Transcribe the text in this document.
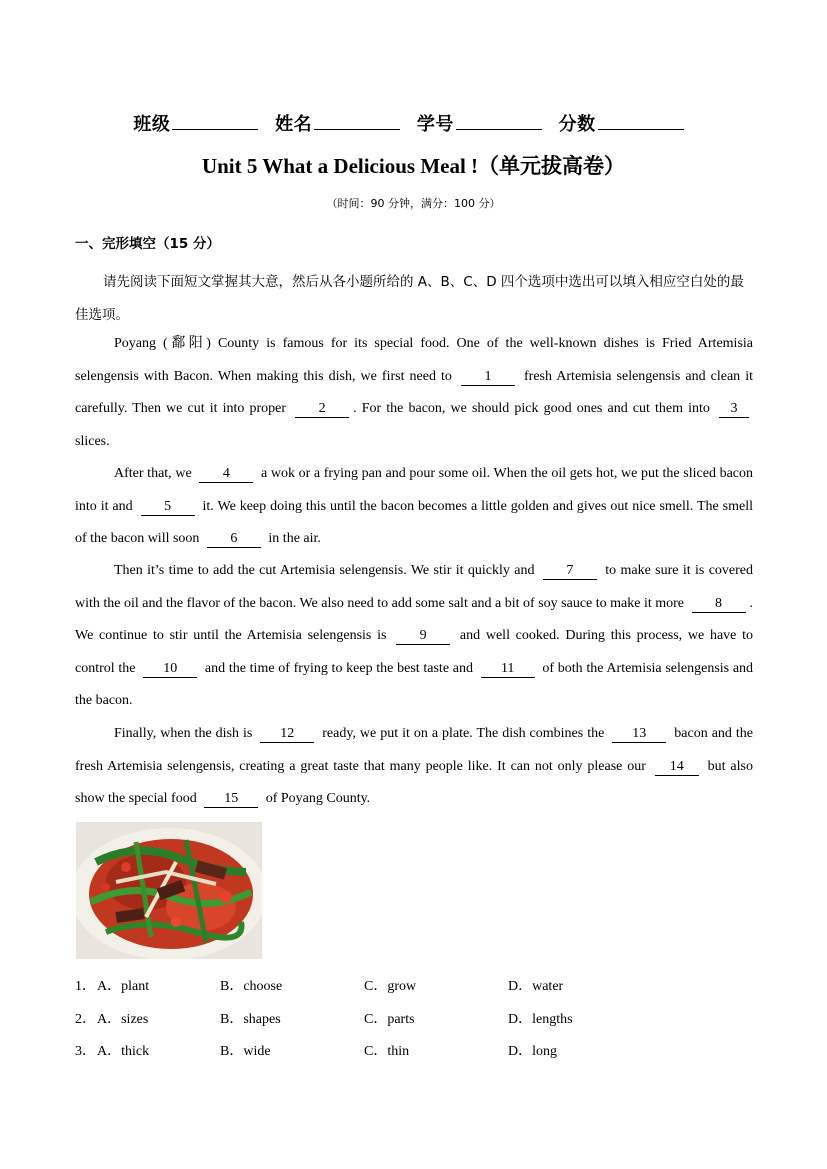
班级	姓名	学号	分数
Unit 5 What a Delicious Meal !（单元拔高卷）
（时间：90 分钟，满分：100 分）
一、完形填空（15 分）
请先阅读下面短文掌握其大意，然后从各小题所给的 A、B、C、D 四个选项中选出可以填入相应空白处的最佳选项。
Poyang (鄱阳) County is famous for its special food. One of the well-known dishes is Fried Artemisia selengensis with Bacon. When making this dish, we first need to 1 fresh Artemisia selengensis and clean it carefully. Then we cut it into proper 2 . For the bacon, we should pick good ones and cut them into 3 slices.
After that, we 4 a wok or a frying pan and pour some oil. When the oil gets hot, we put the sliced bacon into it and 5 it. We keep doing this until the bacon becomes a little golden and gives out nice smell. The smell of the bacon will soon 6 in the air.
Then it’s time to add the cut Artemisia selengensis. We stir it quickly and 7 to make sure it is covered with the oil and the flavor of the bacon. We also need to add some salt and a bit of soy sauce to make it more 8 . We continue to stir until the Artemisia selengensis is 9 and well cooked. During this process, we have to control the 10 and the time of frying to keep the best taste and 11 of both the Artemisia selengensis and the bacon.
Finally, when the dish is 12 ready, we put it on a plate. The dish combines the 13 bacon and the fresh Artemisia selengensis, creating a great taste that many people like. It can not only please our 14 but also show the special food 15 of Poyang County.
1． A．plant	B．choose	C．grow	D．water
2． A．sizes	B．shapes	C．parts	D．lengths
3． A．thick	B．wide	C．thin	D．long
